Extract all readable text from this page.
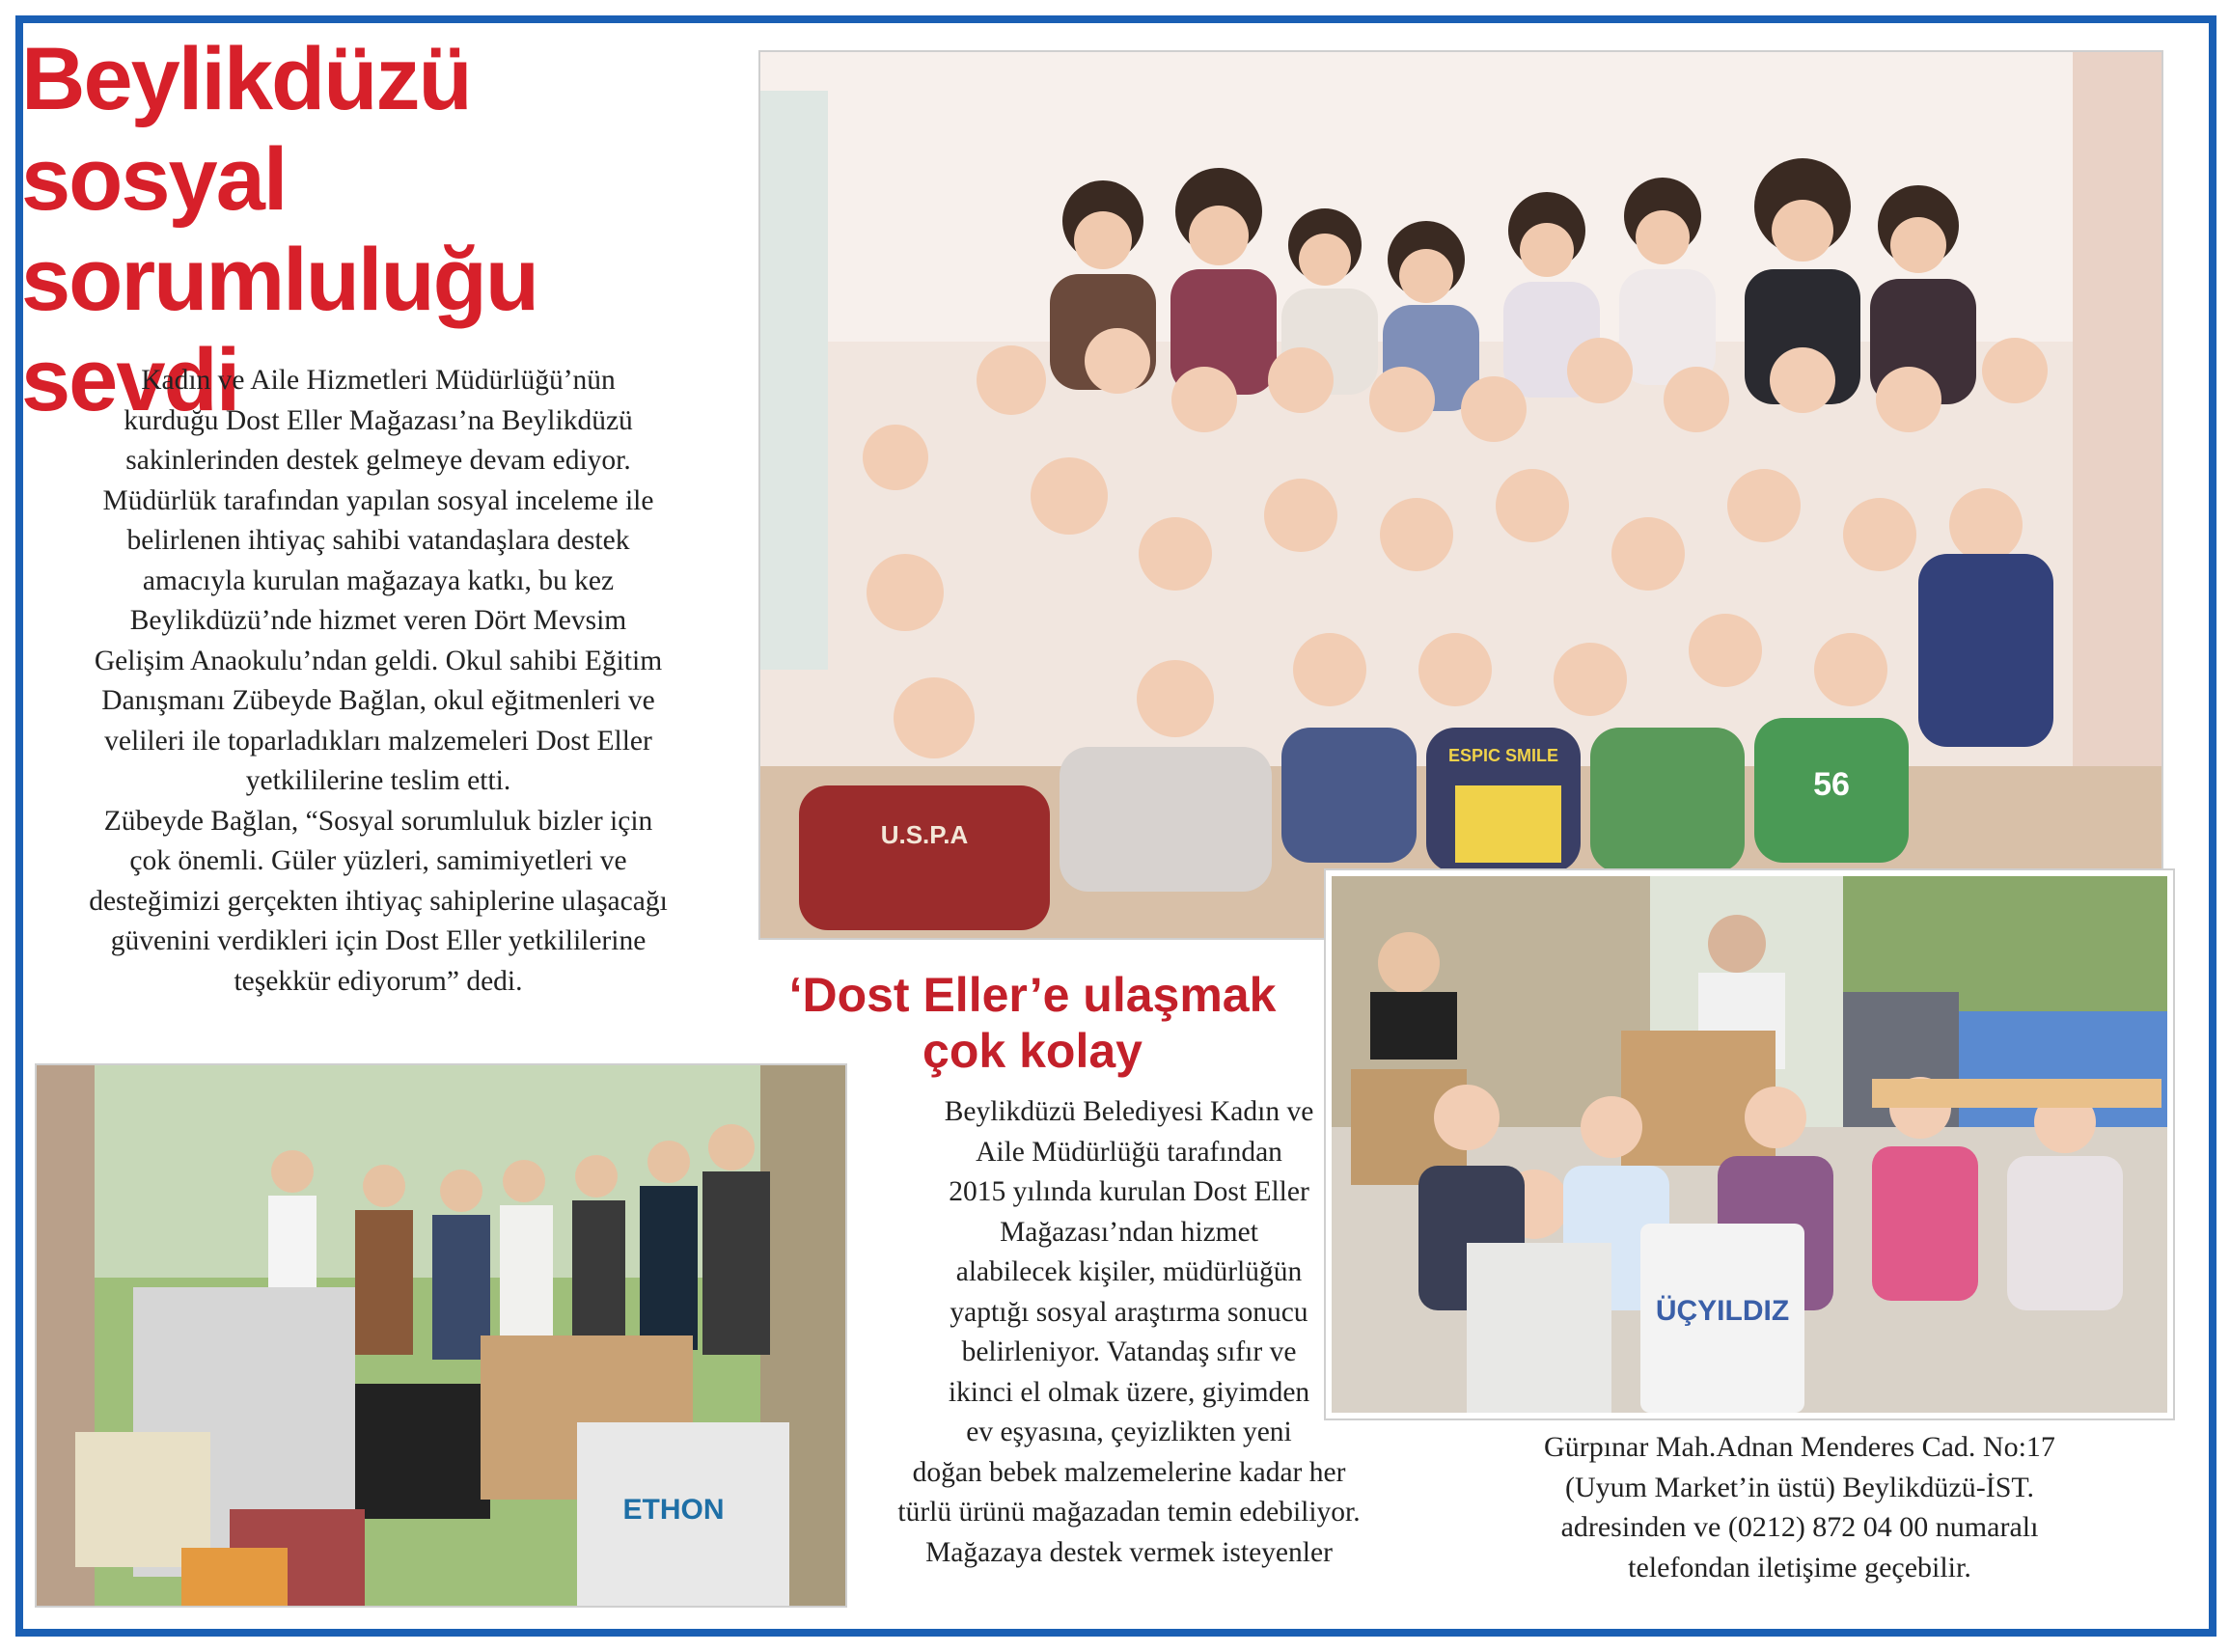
Beylikdüzü sosyal
sorumluluğu sevdi

Kadın ve Aile Hizmetleri Müdürlüğü’nün
kurduğu Dost Eller Mağazası’na Beylikdüzü
sakinlerinden destek gelmeye devam ediyor.
Müdürlük tarafından yapılan sosyal inceleme ile
belirlenen ihtiyaç sahibi vatandaşlara destek
amacıyla kurulan mağazaya katkı, bu kez
Beylikdüzü’nde hizmet veren Dört Mevsim
Gelişim Anaokulu’ndan geldi. Okul sahibi Eğitim
Danışmanı Zübeyde Bağlan, okul eğitmenleri ve
velileri ile toparladıkları malzemeleri Dost Eller
yetkililerine teslim etti.
Zübeyde Bağlan, “Sosyal sorumluluk bizler için
çok önemli. Güler yüzleri, samimiyetleri ve
desteğimizi gerçekten ihtiyaç sahiplerine ulaşacağı
güvenini verdikleri için Dost Eller yetkililerine
teşekkür ediyorum” dedi.

U.S.P.A
ESPIC SMILE
56
‘Dost Eller’e ulaşmak
çok kolay
ÜÇYILDIZ
ETHON

Beylikdüzü Belediyesi Kadın ve
Aile Müdürlüğü tarafından
2015 yılında kurulan Dost Eller
Mağazası’ndan hizmet
alabilecek kişiler, müdürlüğün
yaptığı sosyal araştırma sonucu
belirleniyor. Vatandaş sıfır ve
ikinci el olmak üzere, giyimden
ev eşyasına, çeyizlikten yeni
doğan bebek malzemelerine kadar her
türlü ürünü mağazadan temin edebiliyor.
Mağazaya destek vermek isteyenler

Gürpınar Mah.Adnan Menderes Cad. No:17
(Uyum Market’in üstü) Beylikdüzü-İST.
adresinden ve (0212) 872 04 00 numaralı
telefondan iletişime geçebilir.
